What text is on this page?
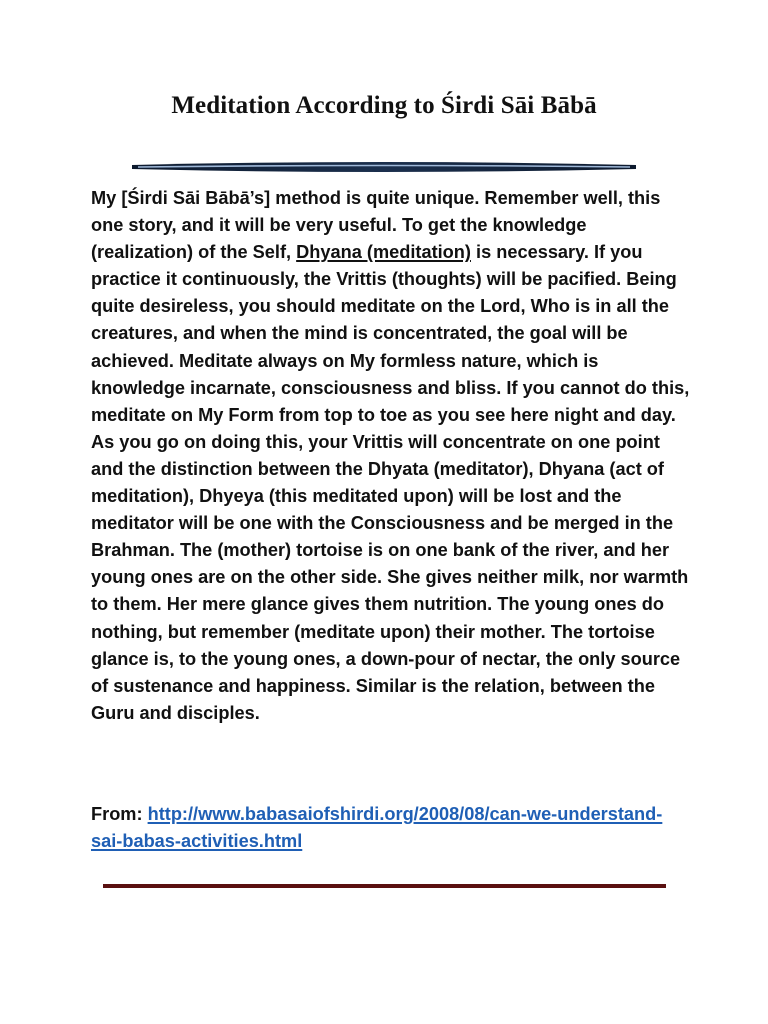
Meditation According to Śirdi Sāi Bābā

My [Śirdi Sāi Bābā’s] method is quite unique. Remember well, this one story, and it will be very useful. To get the knowledge (realization) of the Self, Dhyana (meditation) is necessary. If you practice it continuously, the Vrittis (thoughts) will be pacified. Being quite desireless, you should meditate on the Lord, Who is in all the creatures, and when the mind is concentrated, the goal will be achieved. Meditate always on My formless nature, which is knowledge incarnate, consciousness and bliss. If you cannot do this, meditate on My Form from top to toe as you see here night and day. As you go on doing this, your Vrittis will concentrate on one point and the distinction between the Dhyata (meditator), Dhyana (act of meditation), Dhyeya (this meditated upon) will be lost and the meditator will be one with the Consciousness and be merged in the Brahman. The (mother) tortoise is on one bank of the river, and her young ones are on the other side. She gives neither milk, nor warmth to them. Her mere glance gives them nutrition. The young ones do nothing, but remember (meditate upon) their mother. The tortoise glance is, to the young ones, a down-pour of nectar, the only source of sustenance and happiness. Similar is the relation, between the Guru and disciples.

From: http://www.babasaiofshirdi.org/2008/08/can-we-understand-sai-babas-activities.html
